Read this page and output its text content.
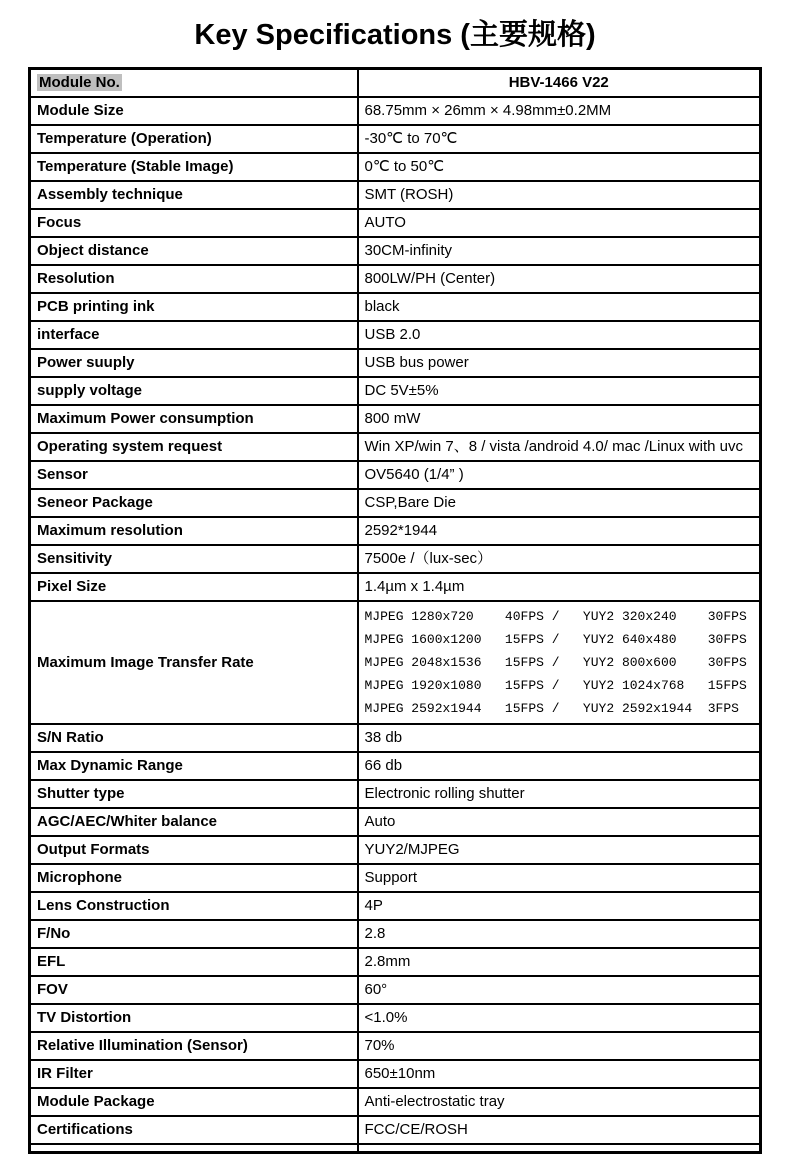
Key Specifications (主要规格)
Module No.	HBV-1466 V22
Module Size	68.75mm × 26mm × 4.98mm±0.2MM
Temperature (Operation)	-30℃ to 70℃
Temperature (Stable Image)	0℃ to 50℃
Assembly technique	SMT (ROSH)
Focus	AUTO
Object distance	30CM-infinity
Resolution	800LW/PH (Center)
PCB printing ink	black
interface	USB 2.0
Power suuply	USB bus power
supply voltage	DC 5V±5%
Maximum Power consumption	800 mW
Operating system request	Win XP/win 7、8 / vista /android 4.0/ mac /Linux with uvc
Sensor	OV5640 (1/4” )
Seneor Package	CSP,Bare Die
Maximum resolution	2592*1944
Sensitivity	7500e /（lux-sec）
Pixel Size	1.4µm x 1.4µm
Maximum Image Transfer Rate	MJPEG 1280x720    40FPS /   YUY2 320x240    30FPS
MJPEG 1600x1200   15FPS /   YUY2 640x480    30FPS
MJPEG 2048x1536   15FPS /   YUY2 800x600    30FPS
MJPEG 1920x1080   15FPS /   YUY2 1024x768   15FPS
MJPEG 2592x1944   15FPS /   YUY2 2592x1944  3FPS

S/N Ratio	38 db
Max Dynamic Range	66 db
Shutter type	Electronic rolling shutter
AGC/AEC/Whiter balance	Auto
Output Formats	YUY2/MJPEG
Microphone	Support
Lens Construction	4P
F/No	2.8
EFL	2.8mm
FOV	60°
TV Distortion	<1.0%
Relative Illumination (Sensor)	70%
IR Filter	650±10nm
Module Package	Anti-electrostatic tray
Certifications	FCC/CE/ROSH
